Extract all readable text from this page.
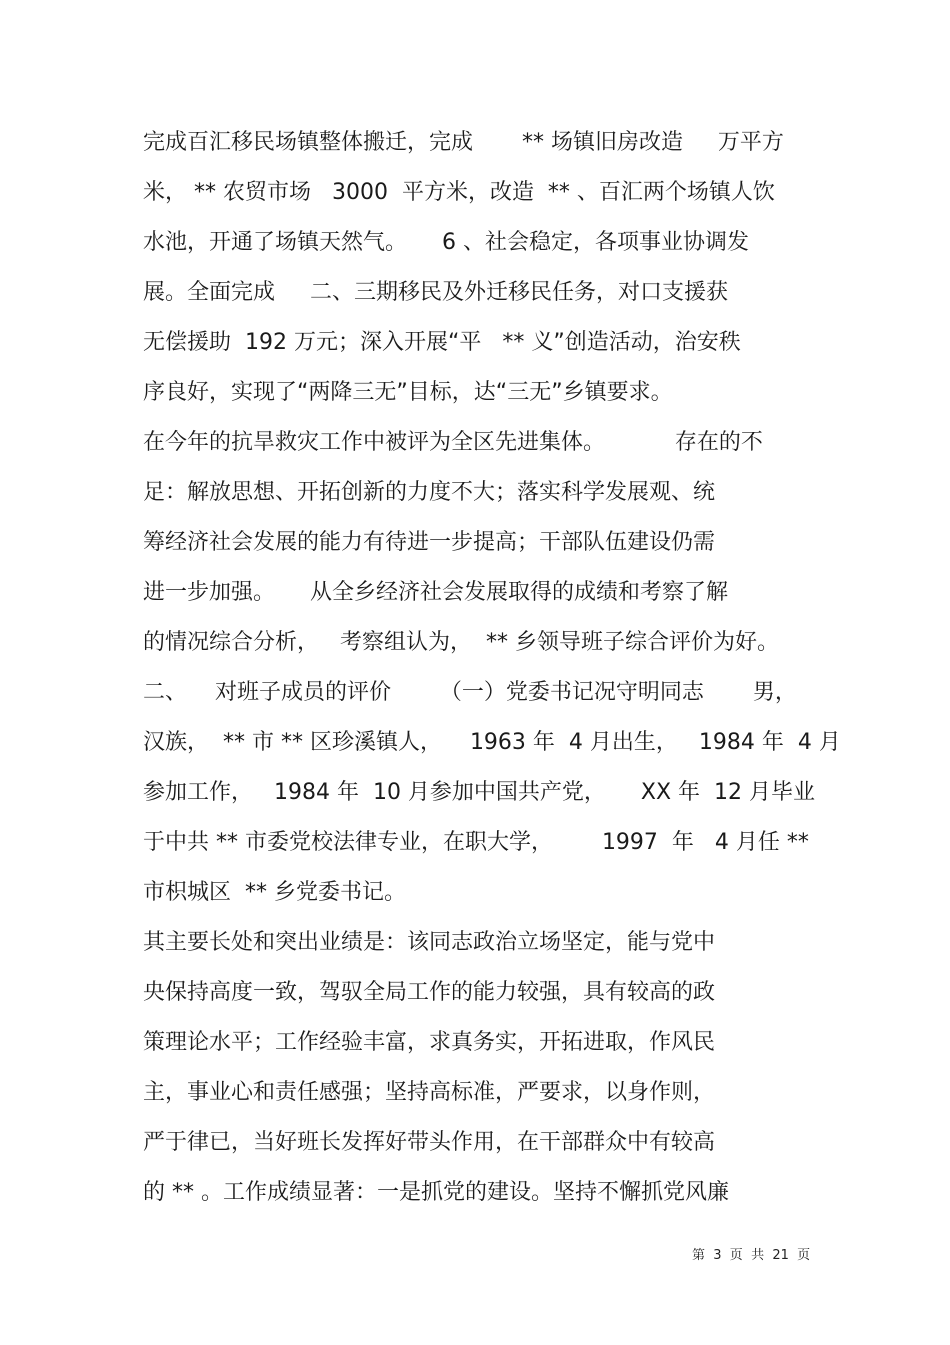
完成百汇移民场镇整体搬迁，完成       ** 场镇旧房改造     万平方
米， ** 农贸市场   3000  平方米，改造  ** 、百汇两个场镇人饮
水池，开通了场镇天然气。     6 、社会稳定，各项事业协调发
展。全面完成     二、三期移民及外迁移民任务，对口支援获
无偿援助  192 万元；深入开展“平   ** 义”创造活动，治安秩
序良好，实现了“两降三无”目标，达“三无”乡镇要求。
在今年的抗旱救灾工作中被评为全区先进集体。          存在的不
足：解放思想、开拓创新的力度不大；落实科学发展观、统
筹经济社会发展的能力有待进一步提高；干部队伍建设仍需
进一步加强。     从全乡经济社会发展取得的成绩和考察了解
的情况综合分析，   考察组认为，  ** 乡领导班子综合评价为好。
二、    对班子成员的评价       （一）党委书记况守明同志       男，
汉族，  ** 市 ** 区珍溪镇人，    1963 年  4 月出生，   1984 年  4 月
参加工作，   1984 年  10 月参加中国共产党，     XX 年  12 月毕业
于中共 ** 市委党校法律专业，在职大学，       1997  年   4 月任 **
市枳城区  ** 乡党委书记。
其主要长处和突出业绩是：该同志政治立场坚定，能与党中
央保持高度一致，驾驭全局工作的能力较强，具有较高的政
策理论水平；工作经验丰富，求真务实，开拓进取，作风民
主，事业心和责任感强；坚持高标准，严要求，以身作则，
严于律已，当好班长发挥好带头作用，在干部群众中有较高
的 ** 。工作成绩显著：一是抓党的建设。坚持不懈抓党风廉
第  3  页  共  21  页
